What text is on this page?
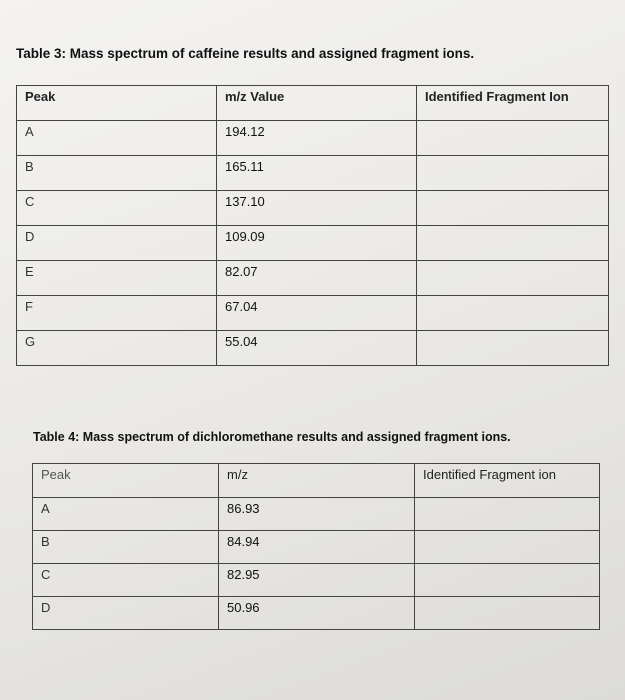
Table 3: Mass spectrum of caffeine results and assigned fragment ions.
Peak	m/z Value	Identified Fragment Ion
A	194.12	
B	165.11	
C	137.10	
D	109.09	
E	82.07	
F	67.04	
G	55.04	
Table 4: Mass spectrum of dichloromethane results and assigned fragment ions.
Peak	m/z	Identified Fragment ion
A	86.93	
B	84.94	
C	82.95	
D	50.96	
